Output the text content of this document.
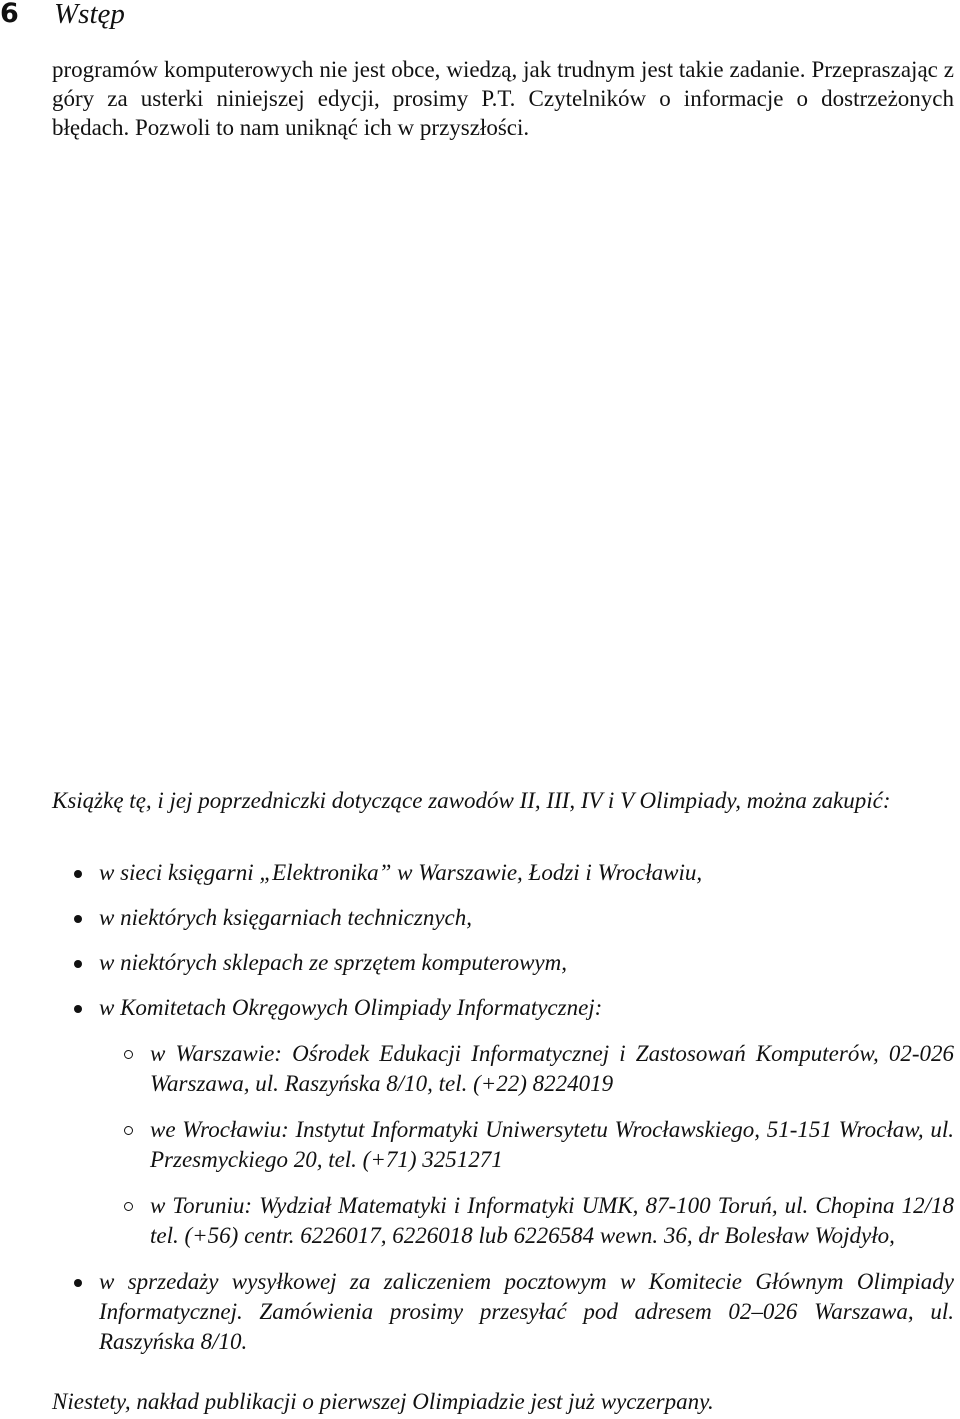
6 Wstęp

programów komputerowych nie jest obce, wiedzą, jak trudnym jest takie zadanie. Przepraszając z góry za usterki niniejszej edycji, prosimy P.T. Czytelników o informacje o dostrzeżonych błędach. Pozwoli to nam uniknąć ich w przyszłości.

Książkę tę, i jej poprzedniczki dotyczące zawodów II, III, IV i V Olimpiady, można zakupić:

w sieci księgarni „Elektronika” w Warszawie, Łodzi i Wrocławiu,
w niektórych księgarniach technicznych,
w niektórych sklepach ze sprzętem komputerowym,
w Komitetach Okręgowych Olimpiady Informatycznej:
w Warszawie: Ośrodek Edukacji Informatycznej i Zastosowań Komputerów, 02-026 Warszawa, ul. Raszyńska 8/10, tel. (+22) 8224019
we Wrocławiu: Instytut Informatyki Uniwersytetu Wrocławskiego, 51-151 Wrocław, ul. Przesmyckiego 20, tel. (+71) 3251271
w Toruniu: Wydział Matematyki i Informatyki UMK, 87-100 Toruń, ul. Chopina 12/18 tel. (+56) centr. 6226017, 6226018 lub 6226584 wewn. 36, dr Bolesław Wojdyło,
w sprzedaży wysyłkowej za zaliczeniem pocztowym w Komitecie Głównym Olimpiady Informatycznej. Zamówienia prosimy przesyłać pod adresem 02–026 Warszawa, ul. Raszyńska 8/10.

Niestety, nakład publikacji o pierwszej Olimpiadzie jest już wyczerpany.
